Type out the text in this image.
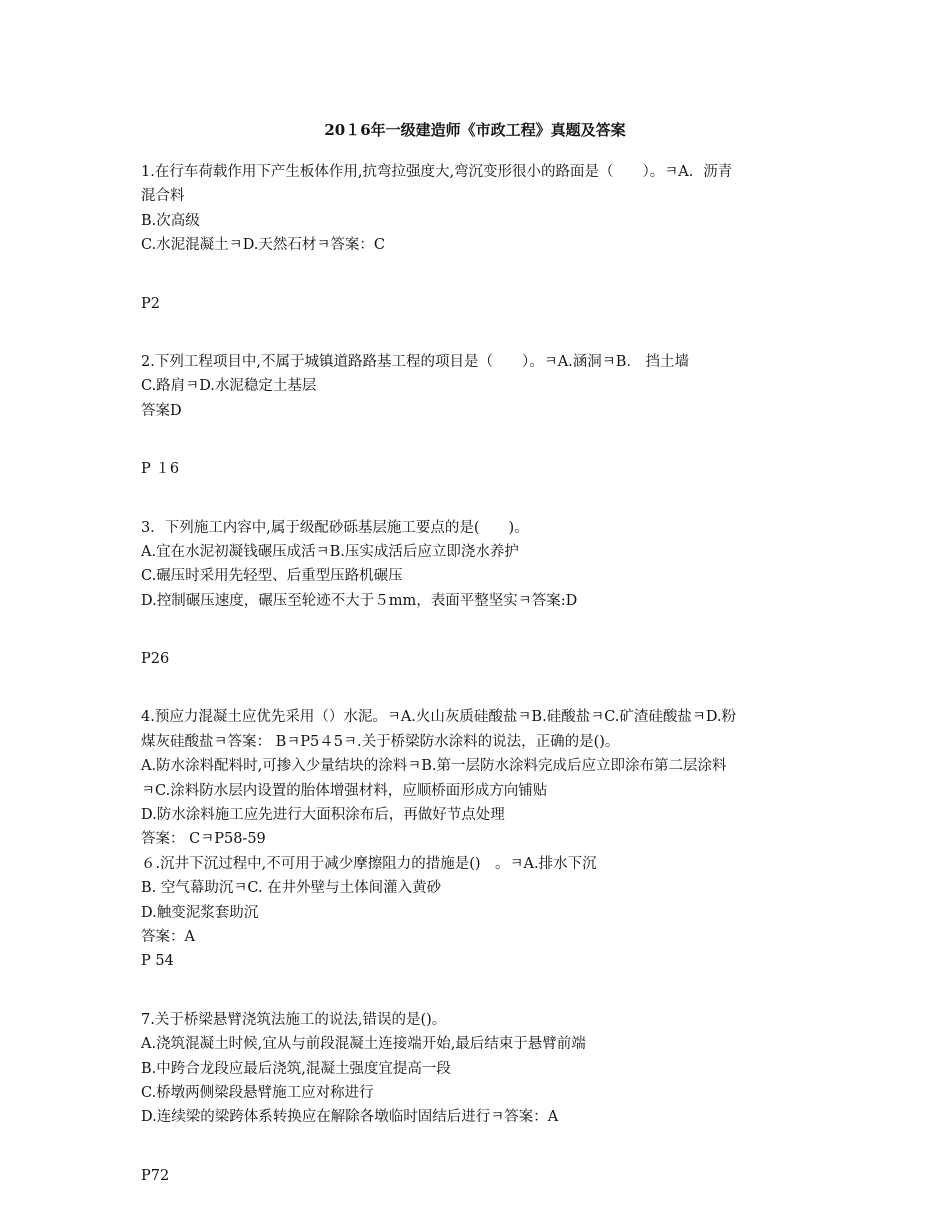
20１6年一级建造师《市政工程》真题及答案
1.在行车荷载作用下产生板体作用,抗弯拉强度大,弯沉变形很小的路面是（　　）。ﾻA．沥青
混合料
B.次高级
C.水泥混凝土ﾻD.天然石材ﾻ答案：C
P2
2.下列工程项目中,不属于城镇道路路基工程的项目是（　　）。ﾻA.涵洞ﾻB． 挡土墙
C.路肩ﾻD.水泥稳定土基层
答案D
P １6
3．下列施工内容中,属于级配砂砾基层施工要点的是(　　)。
A.宜在水泥初凝钱碾压成活ﾻB.压实成活后应立即浇水养护
C.碾压时采用先轻型、后重型压路机碾压
D.控制碾压速度，碾压至轮迹不大于５mm，表面平整坚实ﾻ答案:D
P26
4.预应力混凝土应优先采用（）水泥。ﾻA.火山灰质硅酸盐ﾻB.硅酸盐ﾻC.矿渣硅酸盐ﾻD.粉
煤灰硅酸盐ﾻ答案： BﾻP5４5ﾻ.关于桥梁防水涂料的说法，正确的是()。
A.防水涂料配料时,可掺入少量结块的涂料ﾻB.第一层防水涂料完成后应立即涂布第二层涂料
ﾻC.涂料防水层内设置的胎体增强材料，应顺桥面形成方向铺贴
D.防水涂料施工应先进行大面积涂布后，再做好节点处理
答案： CﾻP58-59
６.沉井下沉过程中,不可用于减少摩擦阻力的措施是()　。ﾻA.排水下沉
B. 空气幕助沉ﾻC. 在井外壁与土体间灌入黄砂
D.触变泥浆套助沉
答案：A
P 54
7.关于桥梁悬臂浇筑法施工的说法,错误的是()。
A.浇筑混凝土时候,宜从与前段混凝土连接端开始,最后结束于悬臂前端
B.中跨合龙段应最后浇筑,混凝土强度宜提高一段
C.桥墩两侧梁段悬臂施工应对称进行
D.连续梁的梁跨体系转换应在解除各墩临时固结后进行ﾻ答案：A
P72
